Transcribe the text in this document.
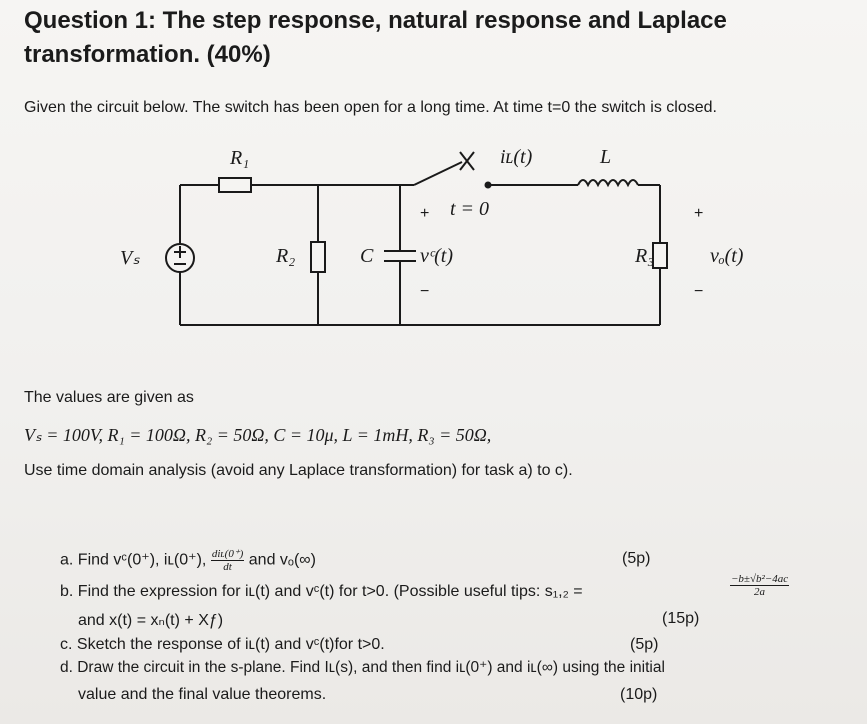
Question 1: The step response, natural response and Laplace
transformation. (40%)
Given the circuit below. The switch has been open for a long time. At time t=0 the switch is closed.
R₁
Vₛ	R₂	C vᶜ(t)
iʟ(t)	L
R₃	vₒ(t)
t = 0
+
−
+
−
The values are given as
Vₛ = 100V, R₁ = 100Ω, R₂ = 50Ω, C = 10μ, L = 1mH, R₃ = 50Ω,
Use time domain analysis (avoid any Laplace transformation) for task a) to c).
a. Find vᶜ(0⁺), iʟ(0⁺), $\frac{\text{diʟ(0⁺)}}{dt}$ and vₒ(∞)	(5p)
b. Find the expression for iʟ(t) and vᶜ(t) for t>0. (Possible useful tips: s₁,₂ =	$\frac{\text{−b±√b²−4ac}}{2a}$
and x(t) = xₙ(t) + Xƒ)	(15p)
c. Sketch the response of iʟ(t) and vᶜ(t)for t>0.	(5p)
d. Draw the circuit in the s-plane. Find Iʟ(s), and then find iʟ(0⁺) and iʟ(∞) using the initial
value and the final value theorems.	(10p)
